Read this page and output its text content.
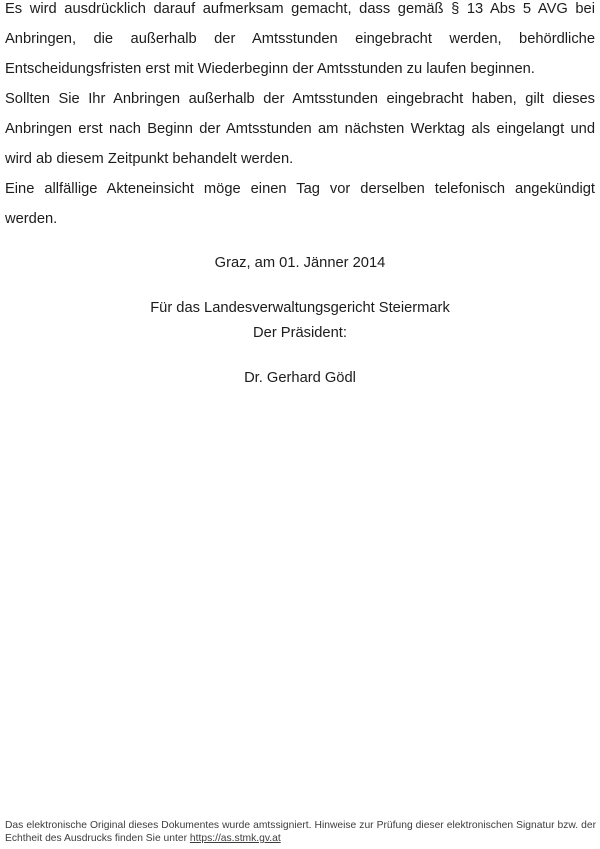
Es wird ausdrücklich darauf aufmerksam gemacht, dass gemäß § 13 Abs 5 AVG bei Anbringen, die außerhalb der Amtsstunden eingebracht werden, behördliche Entscheidungsfristen erst mit Wiederbeginn der Amtsstunden zu laufen beginnen.

Sollten Sie Ihr Anbringen außerhalb der Amtsstunden eingebracht haben, gilt dieses Anbringen erst nach Beginn der Amtsstunden am nächsten Werktag als eingelangt und wird ab diesem Zeitpunkt behandelt werden.

Eine allfällige Akteneinsicht möge einen Tag vor derselben telefonisch angekündigt werden.

Graz, am 01. Jänner 2014
Für das Landesverwaltungsgericht Steiermark
Der Präsident:
Dr. Gerhard Gödl
Das elektronische Original dieses Dokumentes wurde amtssigniert. Hinweise zur Prüfung dieser elektronischen Signatur bzw. der Echtheit des Ausdrucks finden Sie unter https://as.stmk.gv.at
